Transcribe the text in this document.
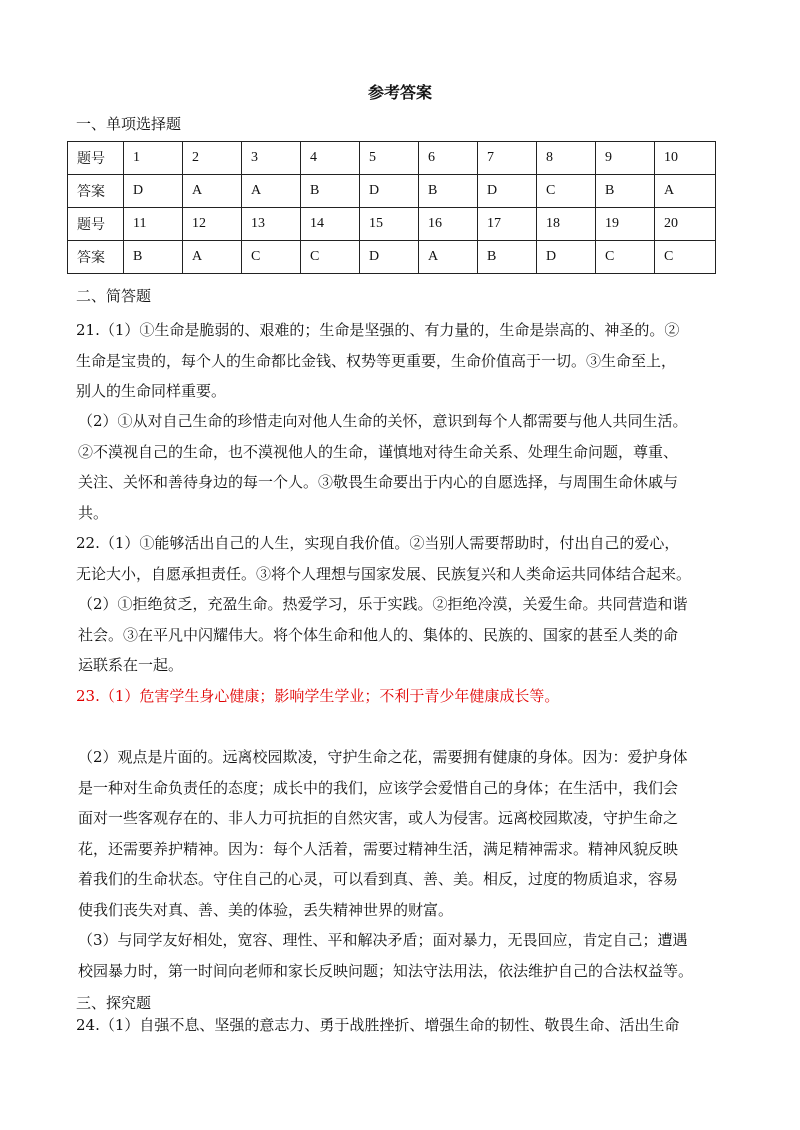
参考答案
一、单项选择题
题号	1	2	3	4	5	6	7	8	9	10
答案	D	A	A	B	D	B	D	C	B	A
题号	11	12	13	14	15	16	17	18	19	20
答案	B	A	C	C	D	A	B	D	C	C
二、简答题
21.（1）①生命是脆弱的、艰难的；生命是坚强的、有力量的，生命是崇高的、神圣的。②
生命是宝贵的，每个人的生命都比金钱、权势等更重要，生命价值高于一切。③生命至上，
别人的生命同样重要。
（2）①从对自己生命的珍惜走向对他人生命的关怀，意识到每个人都需要与他人共同生活。
②不漠视自己的生命，也不漠视他人的生命，谨慎地对待生命关系、处理生命问题，尊重、
关注、关怀和善待身边的每一个人。③敬畏生命要出于内心的自愿选择，与周围生命休戚与
共。
22.（1）①能够活出自己的人生，实现自我价值。②当别人需要帮助时，付出自己的爱心，
无论大小，自愿承担责任。③将个人理想与国家发展、民族复兴和人类命运共同体结合起来。
（2）①拒绝贫乏，充盈生命。热爱学习，乐于实践。②拒绝冷漠，关爱生命。共同营造和谐
社会。③在平凡中闪耀伟大。将个体生命和他人的、集体的、民族的、国家的甚至人类的命
运联系在一起。
23.（1）危害学生身心健康；影响学生学业；不利于青少年健康成长等。
（2）观点是片面的。远离校园欺凌，守护生命之花，需要拥有健康的身体。因为：爱护身体
是一种对生命负责任的态度；成长中的我们，应该学会爱惜自己的身体；在生活中，我们会
面对一些客观存在的、非人力可抗拒的自然灾害，或人为侵害。远离校园欺凌，守护生命之
花，还需要养护精神。因为：每个人活着，需要过精神生活，满足精神需求。精神风貌反映
着我们的生命状态。守住自己的心灵，可以看到真、善、美。相反，过度的物质追求，容易
使我们丧失对真、善、美的体验，丢失精神世界的财富。
（3）与同学友好相处，宽容、理性、平和解决矛盾；面对暴力，无畏回应，肯定自己；遭遇
校园暴力时，第一时间向老师和家长反映问题；知法守法用法，依法维护自己的合法权益等。
三、探究题
24.（1）自强不息、坚强的意志力、勇于战胜挫折、增强生命的韧性、敬畏生命、活出生命
